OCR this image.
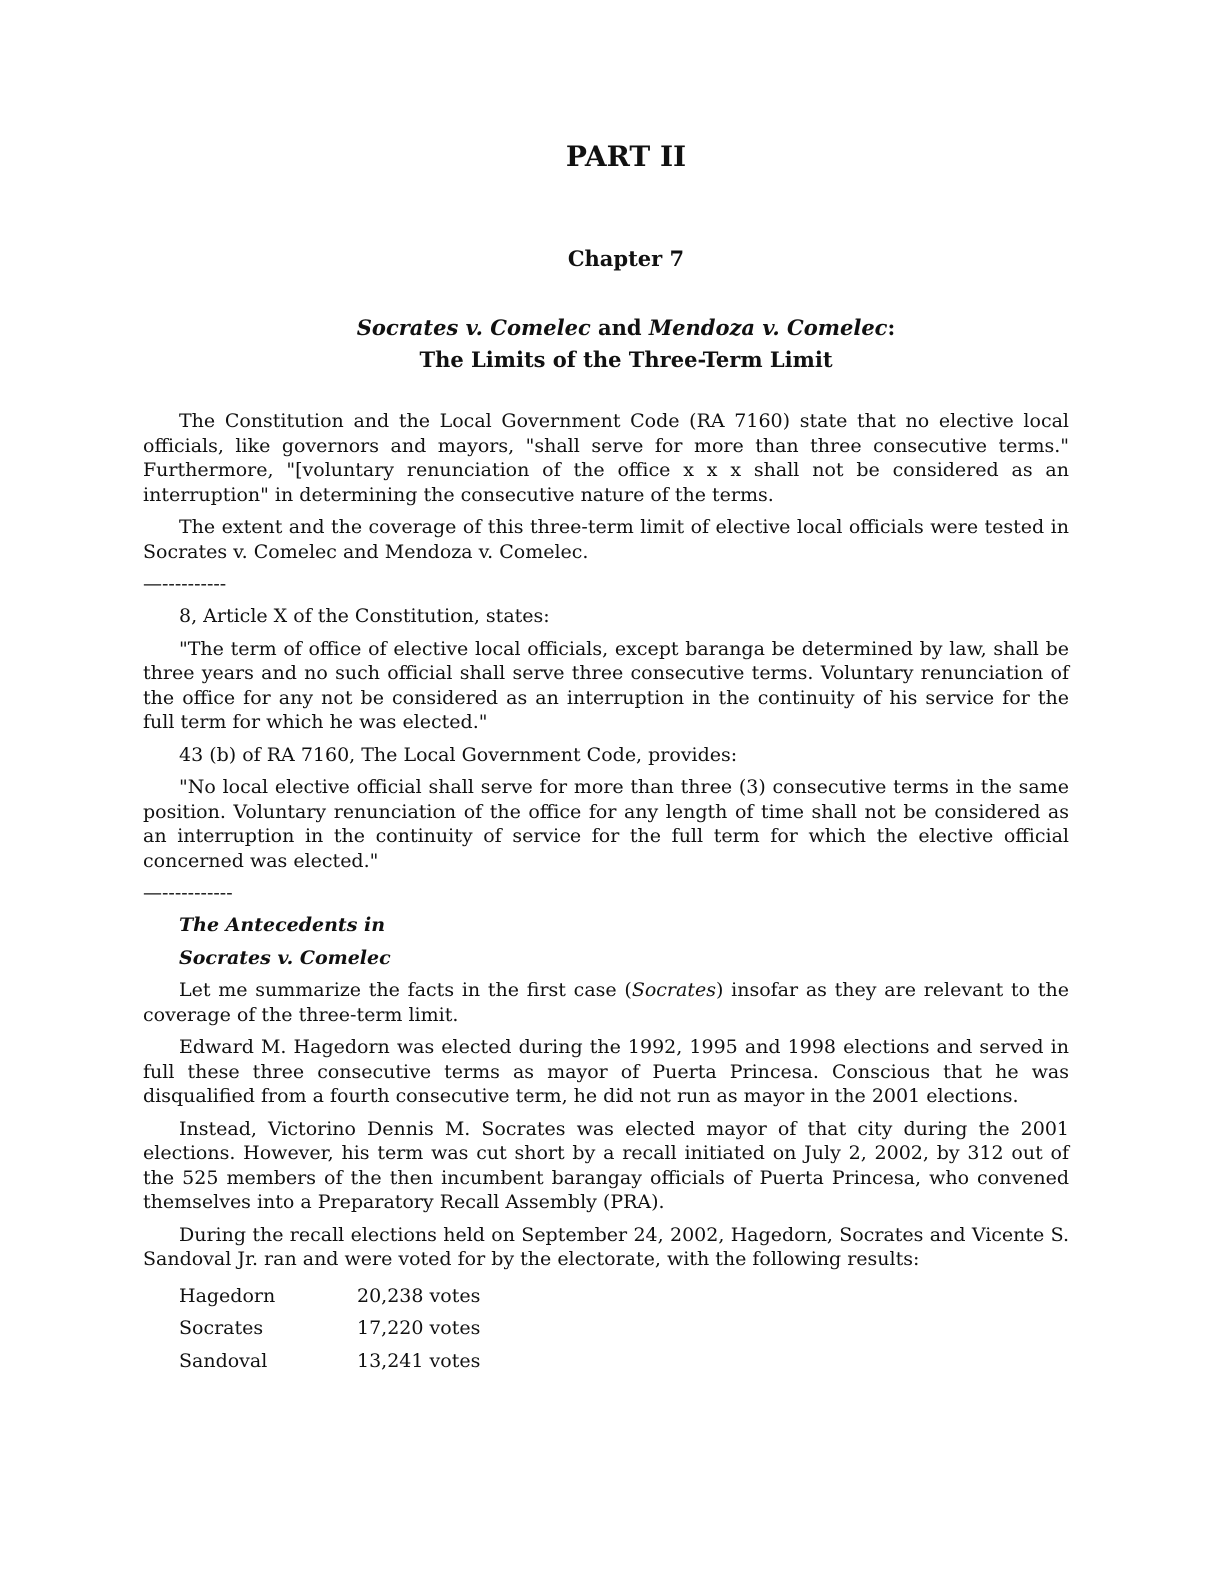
PART II
Chapter 7
Socrates v. Comelec and Mendoza v. Comelec:
The Limits of the Three-Term Limit

The Constitution and the Local Government Code (RA 7160) state that no elective local officials, like governors and mayors, "shall serve for more than three consecutive terms." Furthermore, "[voluntary renunciation of the office x x x shall not be considered as an interruption" in determining the consecutive nature of the terms.

The extent and the coverage of this three-term limit of elective local officials were tested in Socrates v. Comelec and Mendoza v. Comelec.

—----------

8, Article X of the Constitution, states:

"The term of office of elective local officials, except baranga be determined by law, shall be three years and no such official shall serve three consecutive terms. Voluntary renunciation of the office for any not be considered as an interruption in the continuity of his service for the full term for which he was elected."

43 (b) of RA 7160, The Local Government Code, provides:

"No local elective official shall serve for more than three (3) consecutive terms in the same position. Voluntary renunciation of the office for any length of time shall not be considered as an interruption in the continuity of service for the full term for which the elective official concerned was elected."

—-----------
The Antecedents in
Socrates v. Comelec

Let me summarize the facts in the first case (Socrates) insofar as they are relevant to the coverage of the three-term limit.

Edward M. Hagedorn was elected during the 1992, 1995 and 1998 elections and served in full these three consecutive terms as mayor of Puerta Princesa. Conscious that he was disqualified from a fourth consecutive term, he did not run as mayor in the 2001 elections.

Instead, Victorino Dennis M. Socrates was elected mayor of that city during the 2001 elections. However, his term was cut short by a recall initiated on July 2, 2002, by 312 out of the 525 members of the then incumbent barangay officials of Puerta Princesa, who convened themselves into a Preparatory Recall Assembly (PRA).

During the recall elections held on September 24, 2002, Hagedorn, Socrates and Vicente S. Sandoval Jr. ran and were voted for by the electorate, with the following results:

Hagedorn	20,238 votes
Socrates	17,220 votes
Sandoval	13,241 votes
